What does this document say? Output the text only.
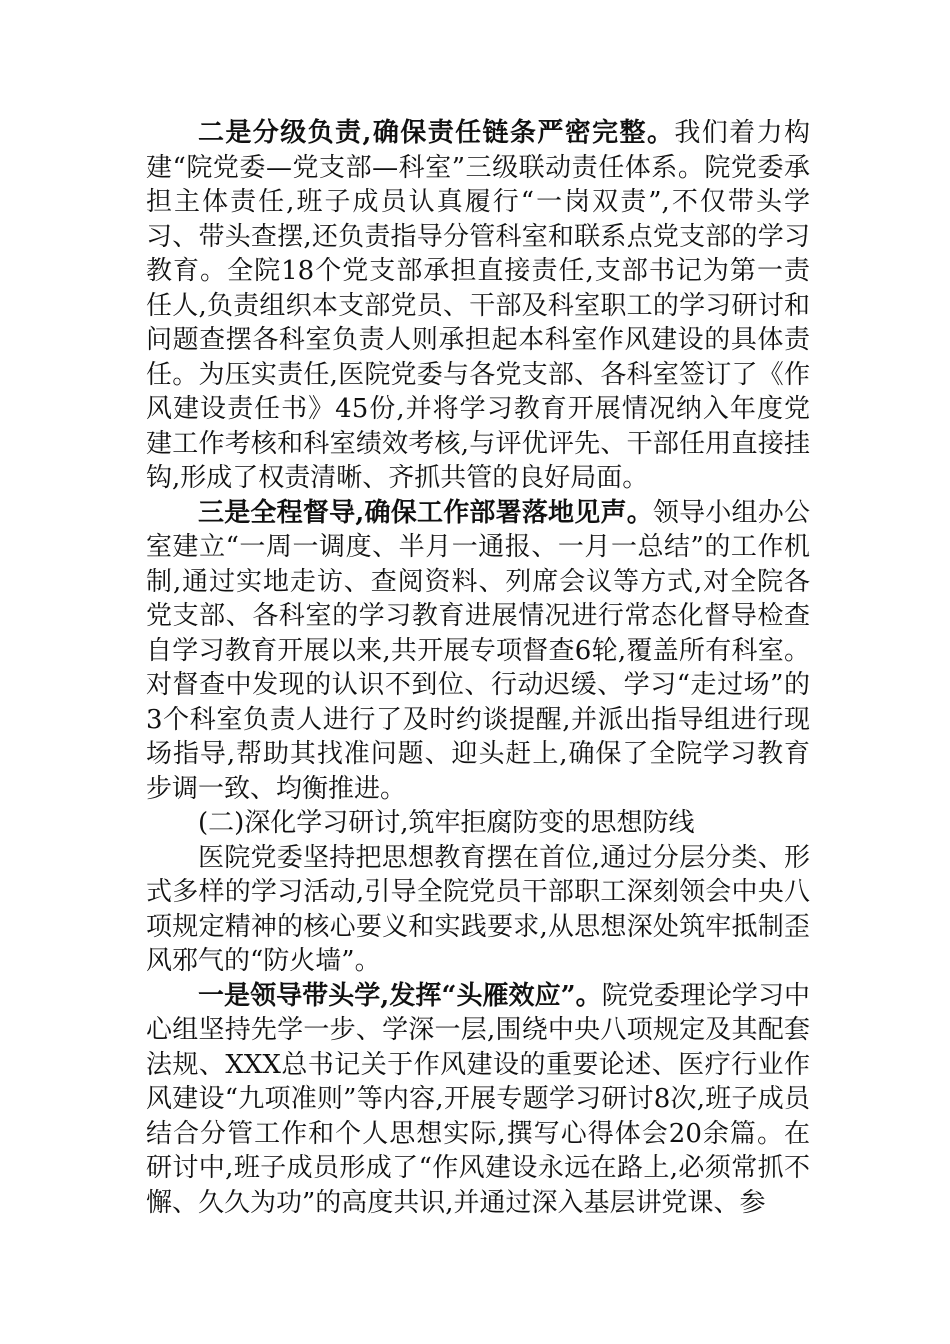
二是分级负责,确保责任链条严密完整。我们着力构建“院党委—党支部—科室”三级联动责任体系。院党委承担主体责任,班子成员认真履行“一岗双责”,不仅带头学习、带头查摆,还负责指导分管科室和联系点党支部的学习教育。全院18个党支部承担直接责任,支部书记为第一责任人,负责组织本支部党员、干部及科室职工的学习研讨和问题查摆各科室负责人则承担起本科室作风建设的具体责任。为压实责任,医院党委与各党支部、各科室签订了《作风建设责任书》45份,并将学习教育开展情况纳入年度党建工作考核和科室绩效考核,与评优评先、干部任用直接挂钩,形成了权责清晰、齐抓共管的良好局面。

三是全程督导,确保工作部署落地见声。领导小组办公室建立“一周一调度、半月一通报、一月一总结”的工作机制,通过实地走访、查阅资料、列席会议等方式,对全院各党支部、各科室的学习教育进展情况进行常态化督导检查自学习教育开展以来,共开展专项督查6轮,覆盖所有科室。对督查中发现的认识不到位、行动迟缓、学习“走过场”的3个科室负责人进行了及时约谈提醒,并派出指导组进行现场指导,帮助其找准问题、迎头赶上,确保了全院学习教育步调一致、均衡推进。

(二)深化学习研讨,筑牢拒腐防变的思想防线

医院党委坚持把思想教育摆在首位,通过分层分类、形式多样的学习活动,引导全院党员干部职工深刻领会中央八项规定精神的核心要义和实践要求,从思想深处筑牢抵制歪风邪气的“防火墙”。

一是领导带头学,发挥“头雁效应”。院党委理论学习中心组坚持先学一步、学深一层,围绕中央八项规定及其配套法规、XXX总书记关于作风建设的重要论述、医疗行业作风建设“九项准则”等内容,开展专题学习研讨8次,班子成员结合分管工作和个人思想实际,撰写心得体会20余篇。在研讨中,班子成员形成了“作风建设永远在路上,必须常抓不懈、久久为功”的高度共识,并通过深入基层讲党课、参
